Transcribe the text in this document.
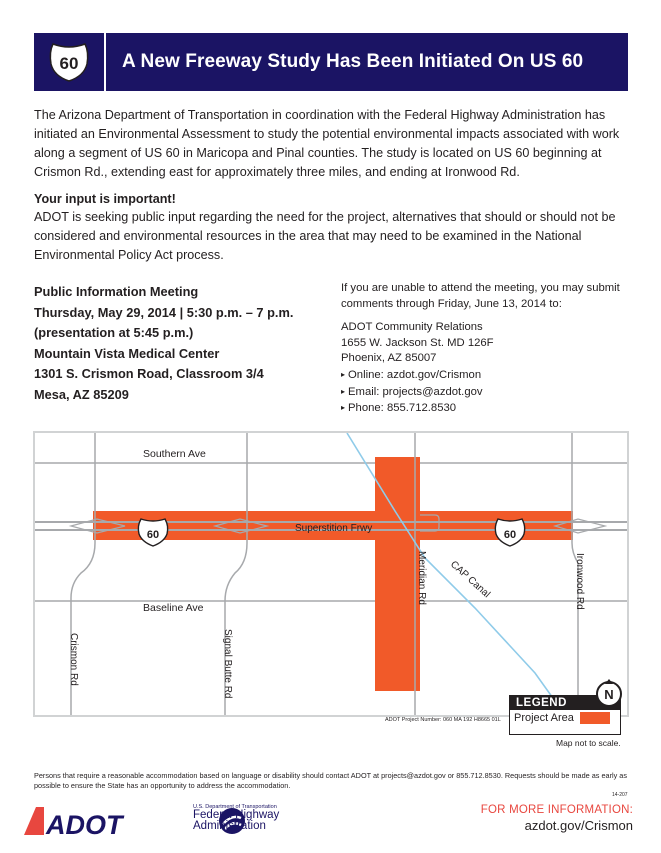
60 A New Freeway Study Has Been Initiated On US 60

The Arizona Department of Transportation in coordination with the Federal Highway Administration has initiated an Environmental Assessment to study the potential environmental impacts associated with work along a segment of US 60 in Maricopa and Pinal counties. The study is located on US 60 beginning at Crismon Rd., extending east for approximately three miles, and ending at Ironwood Rd.

Your input is important!

ADOT is seeking public input regarding the need for the project, alternatives that should or should not be considered and environmental resources in the area that may need to be examined in the National Environmental Policy Act process.

Public Information Meeting
Thursday, May 29, 2014 | 5:30 p.m. – 7 p.m.
(presentation at 5:45 p.m.)
Mountain Vista Medical Center
1301 S. Crismon Road, Classroom 3/4
Mesa, AZ 85209
If you are unable to attend the meeting, you may submit
comments through Friday, June 13, 2014 to:
ADOT Community Relations
1655 W. Jackson St. MD 126F
Phoenix, AZ 85007
▸ Online: azdot.gov/Crismon
▸ Email: projects@azdot.gov
▸ Phone: 855.712.8530
Southern Ave
Baseline Ave
Superstition Frwy
Meridian Rd CAP Canal	Ironwood Rd
Crismon Rd	Signal Butte Rd
60	60
LEGEND
Project Area
N
ADOT Project Number: 060 MA 192 H8665 01L
Map not to scale.

Persons that require a reasonable accommodation based on language or disability should contact ADOT at projects@azdot.gov or 855.712.8530. Requests should be made as early as possible to ensure the State has an opportunity to address the accommodation.

14-207
ADOT
U.S. Department of Transportation
Federal Highway
Administration
FOR MORE INFORMATION:
azdot.gov/Crismon
